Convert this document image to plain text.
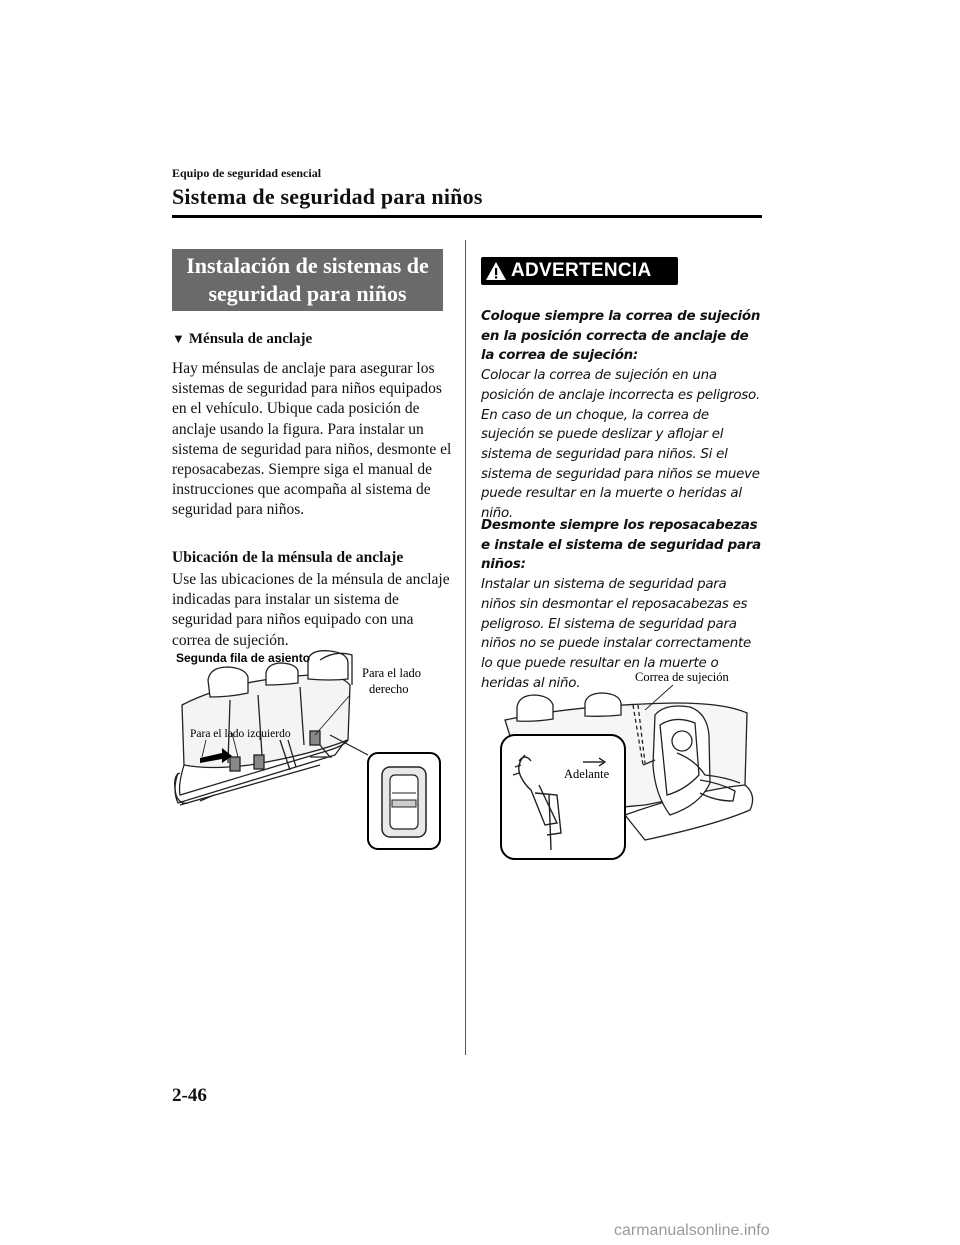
Equipo de seguridad esencial
Sistema de seguridad para niños
Instalación de sistemas de
seguridad para niños
▼ Ménsula de anclaje
Hay ménsulas de anclaje para asegurar los sistemas de seguridad para niños equipados en el vehículo. Ubique cada posición de anclaje usando la figura. Para instalar un sistema de seguridad para niños, desmonte el reposacabezas. Siempre siga el manual de instrucciones que acompaña al sistema de seguridad para niños.
Ubicación de la ménsula de anclaje
Use las ubicaciones de la ménsula de anclaje indicadas para instalar un sistema de seguridad para niños equipado con una correa de sujeción.
Segunda fila de asiento
Para el lado
derecho
Para el lado izquierdo
ADVERTENCIA
Coloque siempre la correa de sujeción en la posición correcta de anclaje de la correa de sujeción:
Colocar la correa de sujeción en una posición de anclaje incorrecta es peligroso. En caso de un choque, la correa de sujeción se puede deslizar y aflojar el sistema de seguridad para niños. Si el sistema de seguridad para niños se mueve puede resultar en la muerte o heridas al niño.
Desmonte siempre los reposacabezas e instale el sistema de seguridad para niños:
Instalar un sistema de seguridad para niños sin desmontar el reposacabezas es peligroso. El sistema de seguridad para niños no se puede instalar correctamente lo que puede resultar en la muerte o heridas al niño.	Correa de sujeción
Adelante
2-46
carmanualsonline.info
